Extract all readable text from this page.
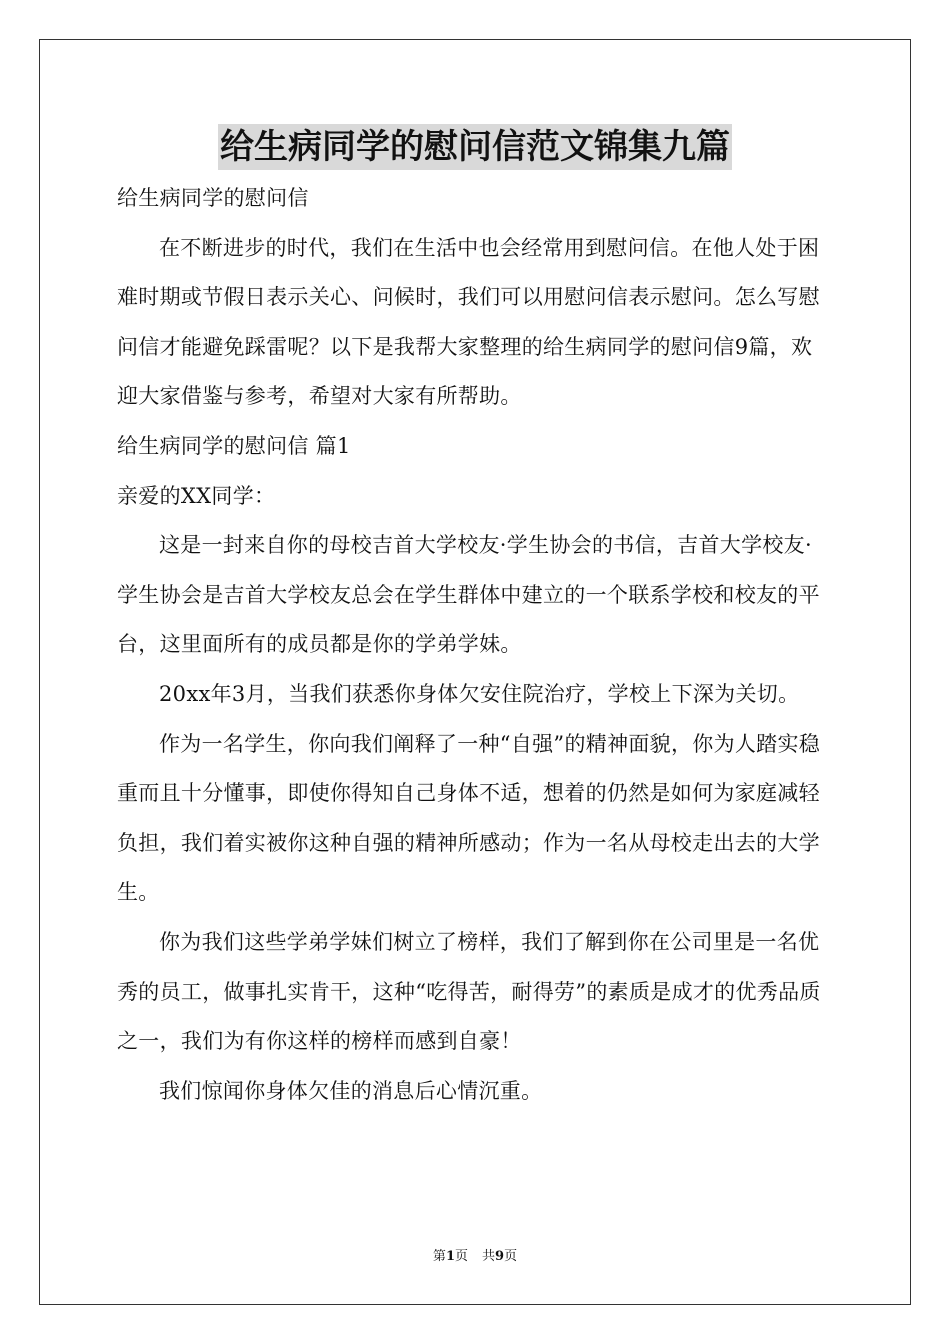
给生病同学的慰问信范文锦集九篇

给生病同学的慰问信

在不断进步的时代，我们在生活中也会经常用到慰问信。在他人处于困难时期或节假日表示关心、问候时，我们可以用慰问信表示慰问。怎么写慰问信才能避免踩雷呢？以下是我帮大家整理的给生病同学的慰问信9篇，欢迎大家借鉴与参考，希望对大家有所帮助。

给生病同学的慰问信 篇1

亲爱的XX同学：

这是一封来自你的母校吉首大学校友·学生协会的书信，吉首大学校友·学生协会是吉首大学校友总会在学生群体中建立的一个联系学校和校友的平台，这里面所有的成员都是你的学弟学妹。

20xx年3月，当我们获悉你身体欠安住院治疗，学校上下深为关切。

作为一名学生，你向我们阐释了一种“自强”的精神面貌，你为人踏实稳重而且十分懂事，即使你得知自己身体不适，想着的仍然是如何为家庭减轻负担，我们着实被你这种自强的精神所感动；作为一名从母校走出去的大学生。

你为我们这些学弟学妹们树立了榜样，我们了解到你在公司里是一名优秀的员工，做事扎实肯干，这种“吃得苦，耐得劳”的素质是成才的优秀品质之一，我们为有你这样的榜样而感到自豪！

我们惊闻你身体欠佳的消息后心情沉重。

第1页 共9页
